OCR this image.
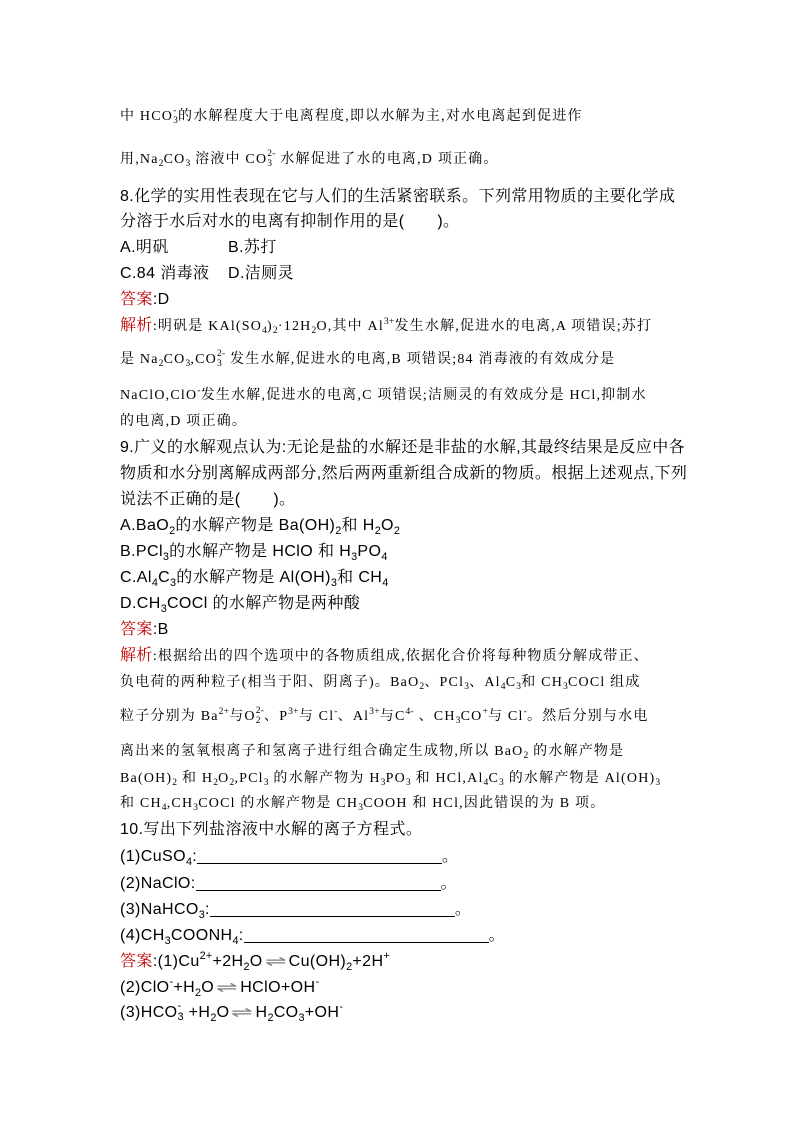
中 HCO -
3 的水解程度大于电离程度,即以水解为主,对水电离起到促进作
用$,Na_2CO_3$ 溶液中 CO 2-
3 水解促进了水的电离,D 项正确。
8.化学的实用性表现在它与人们的生活紧密联系。下列常用物质的主要化学成
分溶于水后对水的电离有抑制作用的是(　　)。
A.明矾	B.苏打
C.84 消毒液 D.洁厕灵
答案:D
解析:明矾是 $KAl(SO_4)_2\cdot 12H_2O$,其中 $Al^{3+}$发生水解,促进水的电离,A 项错误;苏打
是 $Na_2CO_3,CO$ 2-
3 发生水解,促进水的电离,B 项错误;84 消毒液的有效成分是
NaClO,ClO-发生水解,促进水的电离,C 项错误;洁厕灵的有效成分是 HCl,抑制水
的电离,D 项正确。
9.广义的水解观点认为:无论是盐的水解还是非盐的水解,其最终结果是反应中各
物质和水分别离解成两部分,然后两两重新组合成新的物质。根据上述观点,下列
说法不正确的是(　　)。
A.BaO$_2$的水解产物是 $Ba(OH)_2$和 $H_2O_2$
B.PCl$_3$的水解产物是 HClO 和 $H_3PO_4$
$C.Al_4C_3$的水解产物是 $Al(OH)_3$和 $CH_4$
$D.CH_3COCl$ 的水解产物是两种酸
答案:B
解析:根据给出的四个选项中的各物质组成,依据化合价将每种物质分解成带正、
负电荷的两种粒子(相当于阳、阴离子)。BaO$_2$、PCl$_3$、$Al_4C_3$和 $CH_3COCl$ 组成
粒子分别为 $Ba^{2+}$与O 2-
2 、$P^{3+}$与 Cl-、$Al^{3+}$与$C^{4-}$ 、$CH_3CO^+$与 Cl-。然后分别与水电
离出来的氢氧根离子和氢离子进行组合确定生成物,所以 BaO$_2$ 的水解产物是
$Ba(OH)_2$ 和 $H_2O_2,PCl_3$ 的水解产物为 $H_3PO_3$ 和 $HCl,Al_4C_3$ 的水解产物是 $Al(OH)_3$
和 $CH_4,CH_3COCl$ 的水解产物是 $CH_3COOH$ 和 HCl,因此错误的为 B 项。
10.写出下列盐溶液中水解的离子方程式。
(1)CuSO$_4$:	。
(2)NaClO:	。
(3)NaHCO$_3$:	。
$(4)CH_3COONH_4$:	。
答案$:(1)Cu^{2+}+2H_2O$ ⇌ $Cu(OH)_2+2H^+$
$(2)ClO^-+H_2O$ ⇌ HClO+OH-
(3)HCO -
$3 +H_2O$ ⇌ $H_2CO_3+OH^-$
